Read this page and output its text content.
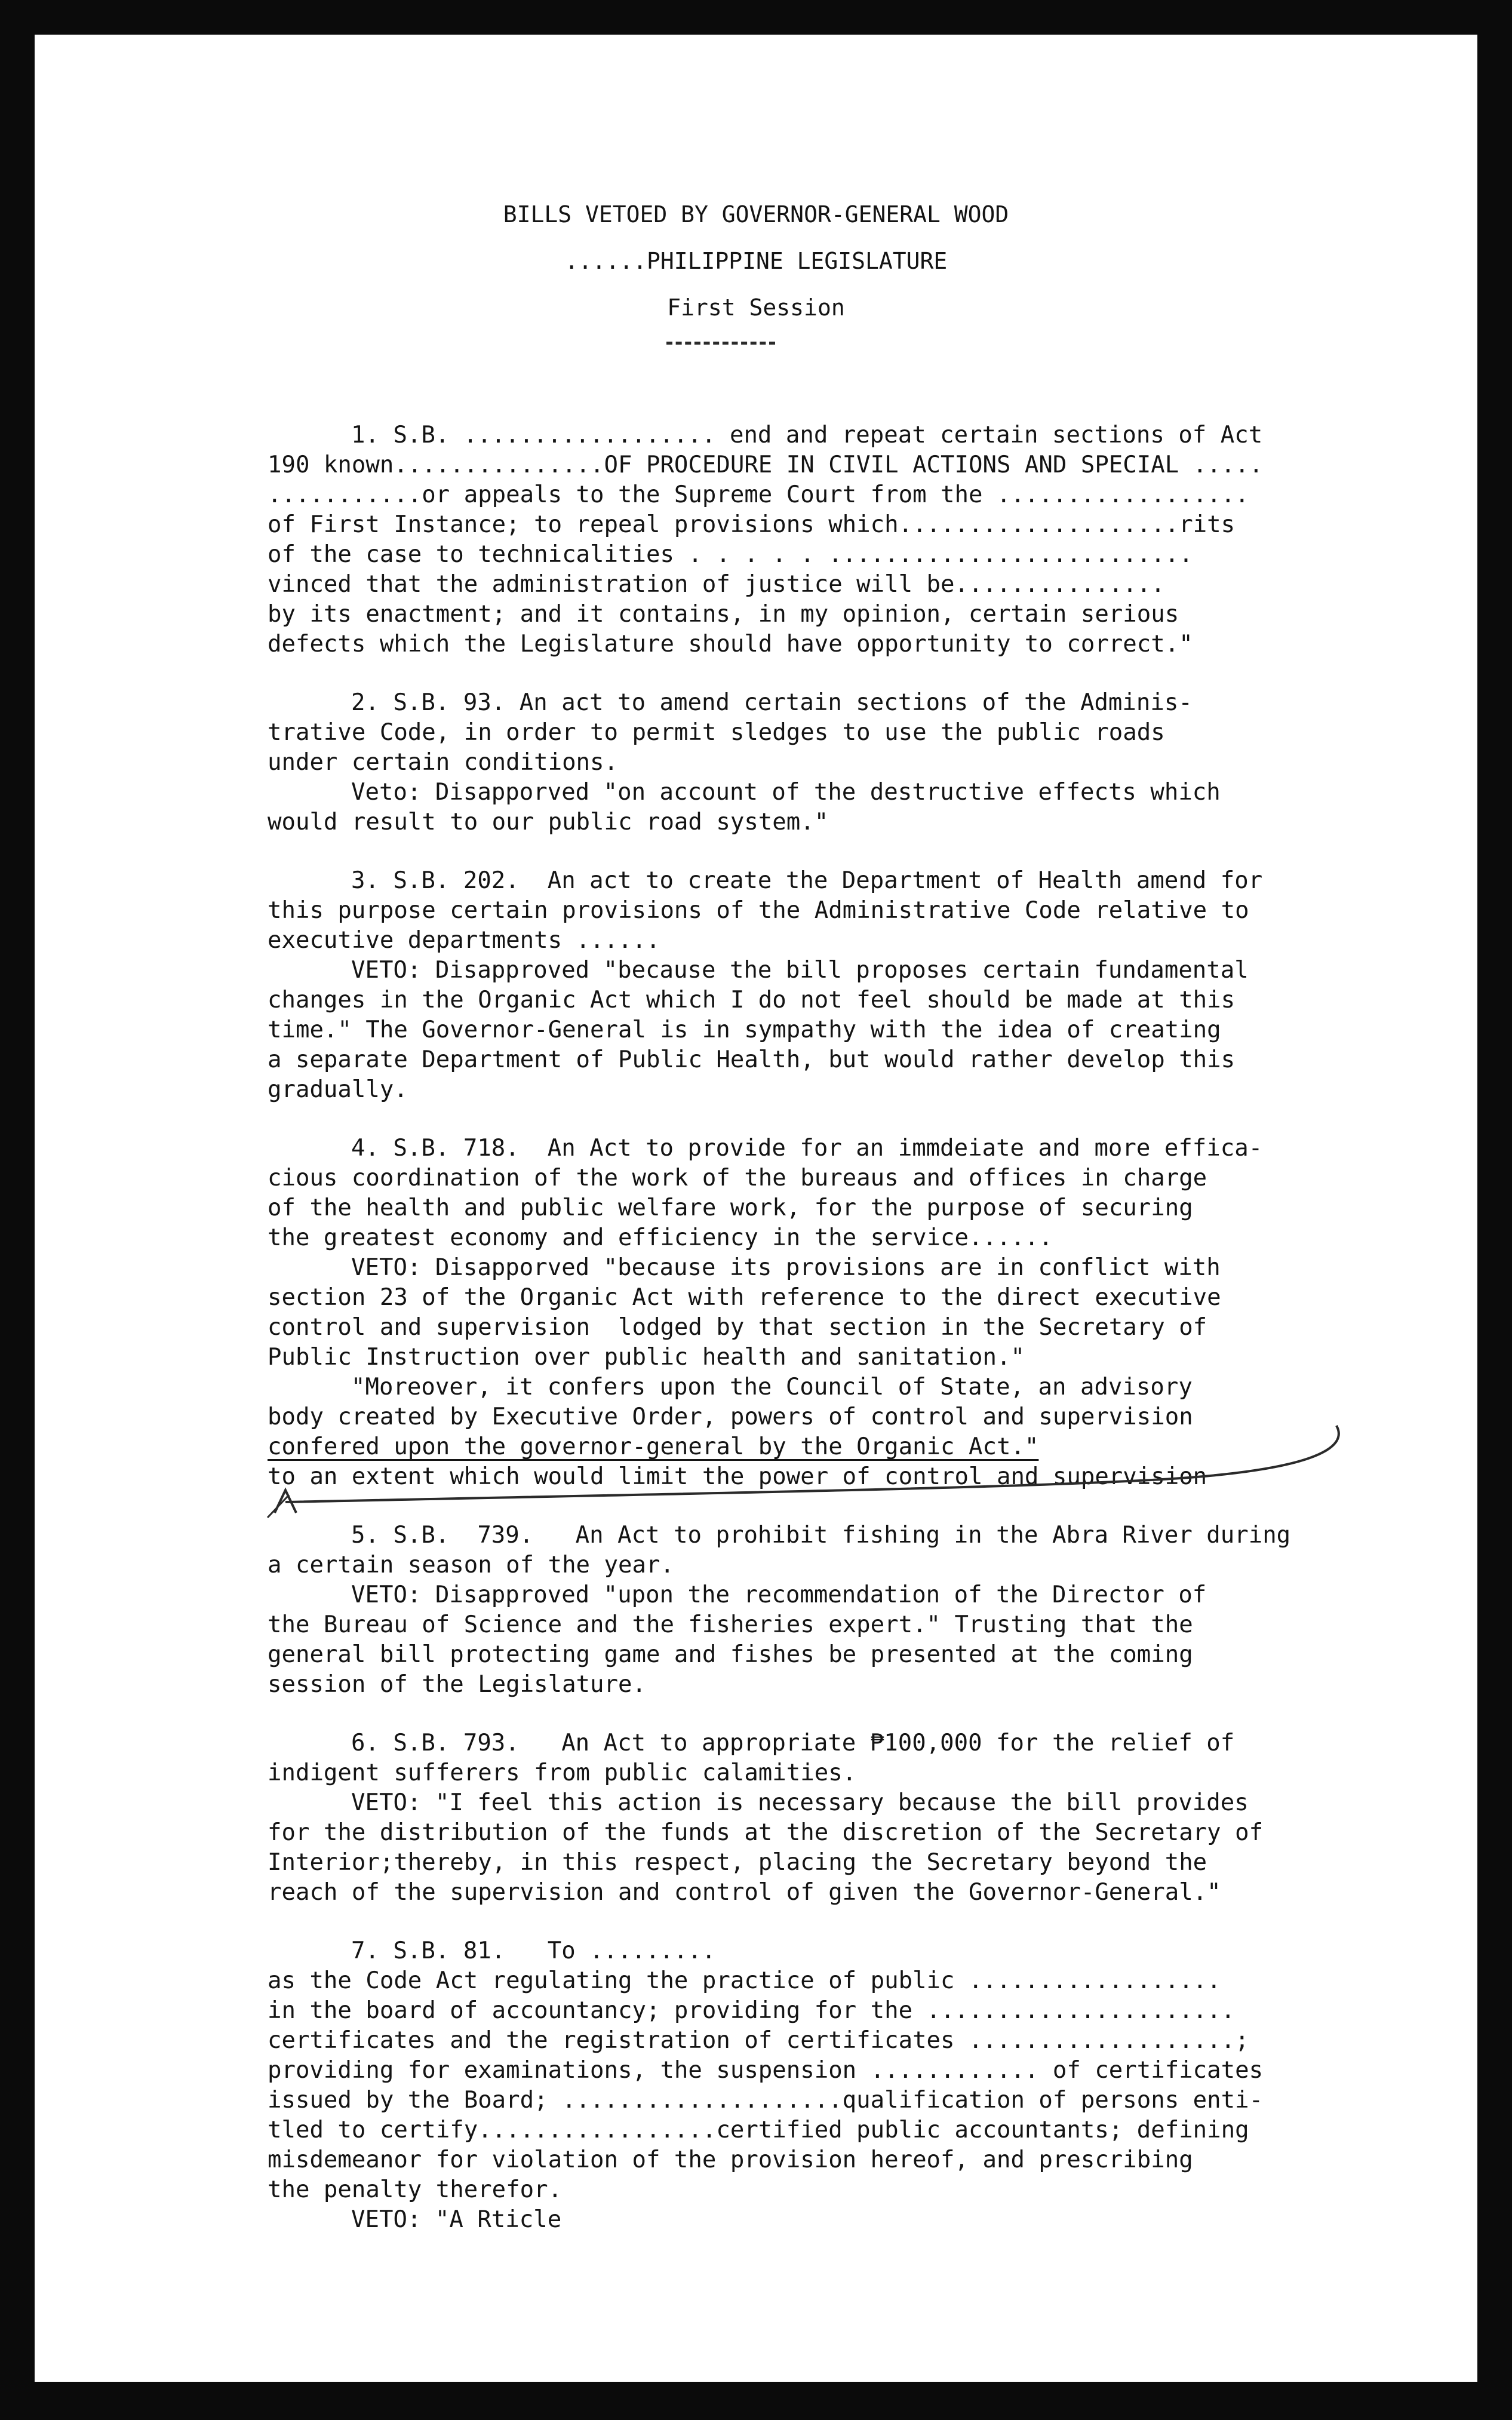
BILLS VETOED BY GOVERNOR-GENERAL WOOD
......PHILIPPINE LEGISLATURE
First Session
1. S.B. .................. end and repeat certain sections of Act
190 known...............OF PROCEDURE IN CIVIL ACTIONS AND SPECIAL .....
...........or appeals to the Supreme Court from the ..................
of First Instance; to repeal provisions which....................rits
of the case to technicalities . . . . . ..........................
vinced that the administration of justice will be...............
by its enactment; and it contains, in my opinion, certain serious
defects which the Legislature should have opportunity to correct."
2. S.B. 93. An act to amend certain sections of the Adminis-
trative Code, in order to permit sledges to use the public roads
under certain conditions.
Veto: Disapporved "on account of the destructive effects which
would result to our public road system."
3. S.B. 202.  An act to create the Department of Health amend for
this purpose certain provisions of the Administrative Code relative to
executive departments ......
VETO: Disapproved "because the bill proposes certain fundamental
changes in the Organic Act which I do not feel should be made at this
time." The Governor-General is in sympathy with the idea of creating
a separate Department of Public Health, but would rather develop this
gradually.
4. S.B. 718.  An Act to provide for an immdeiate and more effica-
cious coordination of the work of the bureaus and offices in charge
of the health and public welfare work, for the purpose of securing
the greatest economy and efficiency in the service......
VETO: Disapporved "because its provisions are in conflict with
section 23 of the Organic Act with reference to the direct executive
control and supervision  lodged by that section in the Secretary of
Public Instruction over public health and sanitation."
"Moreover, it confers upon the Council of State, an advisory
body created by Executive Order, powers of control and supervision
confered upon the governor-general by the Organic Act."
to an extent which would limit the power of control and supervision
5. S.B.  739.   An Act to prohibit fishing in the Abra River during
a certain season of the year.
VETO: Disapproved "upon the recommendation of the Director of
the Bureau of Science and the fisheries expert." Trusting that the
general bill protecting game and fishes be presented at the coming
session of the Legislature.
6. S.B. 793.   An Act to appropriate ₱100,000 for the relief of
indigent sufferers from public calamities.
VETO: "I feel this action is necessary because the bill provides
for the distribution of the funds at the discretion of the Secretary of
Interior;thereby, in this respect, placing the Secretary beyond the
reach of the supervision and control of given the Governor-General."
7. S.B. 81.   To .........
as the Code Act regulating the practice of public ..................
in the board of accountancy; providing for the ......................
certificates and the registration of certificates ...................;
providing for examinations, the suspension ............ of certificates
issued by the Board; ....................qualification of persons enti-
tled to certify.................certified public accountants; defining
misdemeanor for violation of the provision hereof, and prescribing
the penalty therefor.
VETO: "A Rticle
